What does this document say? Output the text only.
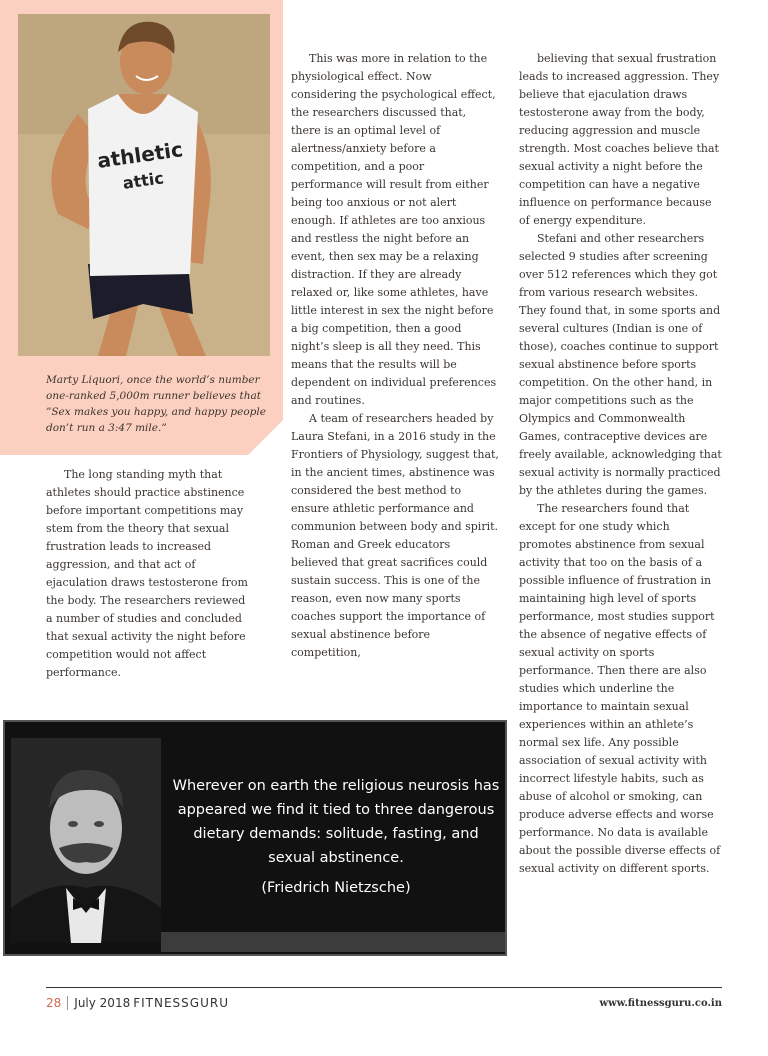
athletic
attic
Marty Liquori, once the world’s number one-ranked 5,000m runner believes that ”Sex makes you happy, and happy people don’t run a 3:47 mile.”

The long standing myth that athletes should practice abstinence before important competitions may stem from the theory that sexual frustration leads to increased aggression, and that act of ejaculation draws testosterone from the body. The researchers reviewed a number of studies and concluded that sexual activity the night before competition would not affect performance.

This was more in relation to the physiological effect. Now considering the psychological effect, the researchers discussed that, there is an optimal level of alertness/anxiety before a competition, and a poor performance will result from either being too anxious or not alert enough. If athletes are too anxious and restless the night before an event, then sex may be a relaxing distraction. If they are already relaxed or, like some athletes, have little interest in sex the night before a big competition, then a good night’s sleep is all they need. This means that the results will be dependent on individual preferences and routines.

A team of researchers headed by Laura Stefani, in a 2016 study in the Frontiers of Physiology, suggest that, in the ancient times, abstinence was considered the best method to ensure athletic performance and communion between body and spirit. Roman and Greek educators believed that great sacrifices could sustain success. This is one of the reason, even now many sports coaches support the importance of sexual abstinence before competition,

believing that sexual frustration leads to increased aggression. They believe that ejaculation draws testosterone away from the body, reducing aggression and muscle strength. Most coaches believe that sexual activity a night before the competition can have a negative influence on performance because of energy expenditure.

Stefani and other researchers selected 9 studies after screening over 512 references which they got from various research websites. They found that, in some sports and several cultures (Indian is one of those), coaches continue to support sexual abstinence before sports competition. On the other hand, in major competitions such as the Olympics and Commonwealth Games, contraceptive devices are freely available, acknowledging that sexual activity is normally practiced by the athletes during the games.

The researchers found that except for one study which promotes abstinence from sexual activity that too on the basis of a possible influence of frustration in maintaining high level of sports performance, most studies support the absence of negative effects of sexual activity on sports performance. Then there are also studies which underline the importance to maintain sexual experiences within an athlete’s normal sex life. Any possible association of sexual activity with incorrect lifestyle habits, such as abuse of alcohol or smoking, can produce adverse effects and worse performance. No data is available about the possible diverse effects of sexual activity on different sports.

Wherever on earth the religious neurosis has appeared we find it tied to three dangerous dietary demands: solitude, fasting, and sexual abstinence.
(Friedrich Nietzsche)
28 July 2018 FITNESSGURU	www.fitnessguru.co.in
